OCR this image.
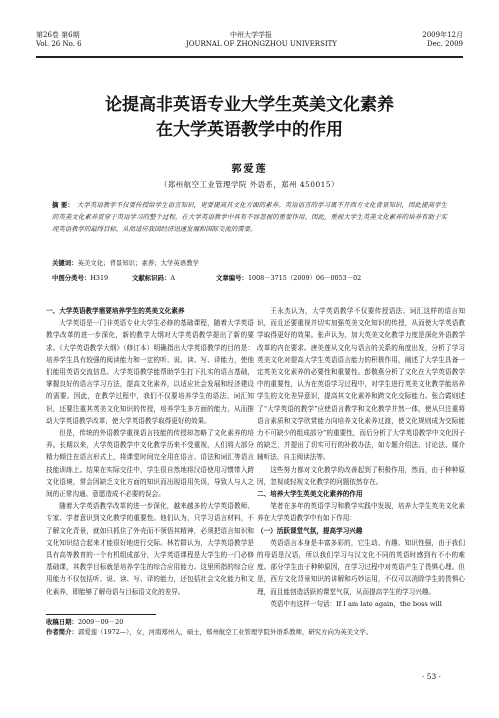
第26卷 第6期
Vol. 26 No. 6
中州大学学报
JOURNAL OF ZHONGZHOU UNIVERSITY
2009年12月
Dec. 2009
论提高非英语专业大学生英美文化素养
在大学英语教学中的作用
郭爱莲
（郑州航空工业管理学院 外语系，郑州 450015）
摘 要： 大学英语教学不仅要传授给学生语言知识，更要提高其文化方面的素养。英语语言的学习离不开西方文化背景知识，因此提高学生的英美文化素养贯穿于英语学习的整个过程，在大学英语教学中具有不容忽视的重要作用。因此，重视大学生英美文化素养的培养有助于实现英语教学的最终目标，从而适应我国经济迅速发展和国际交流的需要。
关键词：英美文化；背景知识；素养；大学英语教学
中图分类号：H319	文献标识码：A	文章编号：1008－3715（2009）06－0053－02

一、大学英语教学需要培养学生的英美文化素养

大学英语是一门非英语专业大学生必修的基础课程，随着大学英语教学改革的进一步深化，新的教学大纲对大学英语教学提出了新的要求。《大学英语教学大纲》（修订本）明确指出大学英语教学的目的是：培养学生具有较强的阅读能力和一定的听、说、读、写、译能力，使他们能用英语交流信息。大学英语教学能帮助学生打下扎实的语言基础，掌握良好的语言学习方法，提高文化素养，以适应社会发展和经济建设的需要。因此，在教学过程中，我们不仅要培养学生的语法、词汇知识，还要注重其英美文化知识的传授，培养学生多方面的能力，从而推动大学英语教学改革，使大学英语教学取得更好的效果。

但是，传统的外语教学重视语言技能的传授却忽略了文化素养的培养。长期以来，大学英语教学中文化教学历来不受重视，人们将大部分精力倾注在语言形式上，将课堂时间完全用在语言、语法和词汇等语言技能训练上。结果在实际交往中，学生很自然地将汉语使用习惯带入跨文化语境，常会因缺乏文化方面的知识而出现语用失误，导致人与人之间的正常沟通、意愿造成不必要的误会。

随着大学英语教学改革的进一步深化，越来越多的大学英语教师、专家、学者意识到文化教学的重要性。他们认为，只学习语言材料，不了解文化背景，就如只抓住了外壳而不领悟其精神，必须把语言知识和文化知识结合起来才能很好地进行交际。林若群认为，大学英语教学是具有高等教育的一个有机组成部分，大学英语课程是大学生的一门必修基础课，其教学目标就是培养学生的综合应用能力。这里所指的综合应用能力不仅包括听、说、读、写、译的能力，还包括社会文化能力和文化素养，即能够了解母语与目标语文化的差异。

王永杰认为，大学英语教学不仅要传授语法、词汇这样的语言知识，而且还要重视并切实加强英美文化知识的传授，从而使大学英语教学取得更好的效果。张声认为，加大英美文化教学力度是深化外语教学改革的内在要求。唐美莲从文化与语言的关系的角度出发，分析了学习英美文化对提高大学生英语语言能力的积极作用，阐述了大学生具备一定英美文化素养的必要性和重要性。彭敬燕分析了文化在大学英语教学中的重要性，认为在英语学习过程中，对学生进行英美文化教学能培养学生的文化差异意识，提高其文化素养和跨文化交际能力。张合霞则述了“大学英语的教学”应使语言教学和文化教学并然一体，使从只注重将语言素质和文学欣赏能力向培养文化素养过渡，使文化规则成为交际能力不可缺少的组成部分”的重要性，而后分析了大学英语教学中文化因子的缺乏，并提出了切实可行的补救办法，如专题介绍法、讨论法、媒介辅听法、自主阅读法等。

这些努力都对文化教学的改善起到了积极作用，然而，由于种种原因，忽视或轻视文化教学的问题依然存在。

二、培养大学生英美文化素养的作用

笔者在多年的英语学习和教学实践中发现，培养大学生英美文化素养在大学英语教学中有如下作用：

（一）活跃课堂气氛，提高学习兴趣

英语语言本身是丰富多彩的，它生动、有趣、知识性强，由于我们的母语是汉语，所以我们学习与汉文化不同的英语时感到有不小的难度。部分学生由于种种原因，在学习过程中对英语产生了畏惧心理。但是，西方文化背景知识的讲解和巧妙运用，不仅可以消除学生的畏惧心理，而且能创造活跃的课堂气氛，从而提高学生的学习兴趣。

英语中有这样一句话：If I am late again，the boss will

收稿日期：2009－09－20
作者简介：郭爱莲（1972—），女，河南郑州人，硕士，郑州航空工业管理学院外语系教师，研究方向为英美文学。
· 53 ·
